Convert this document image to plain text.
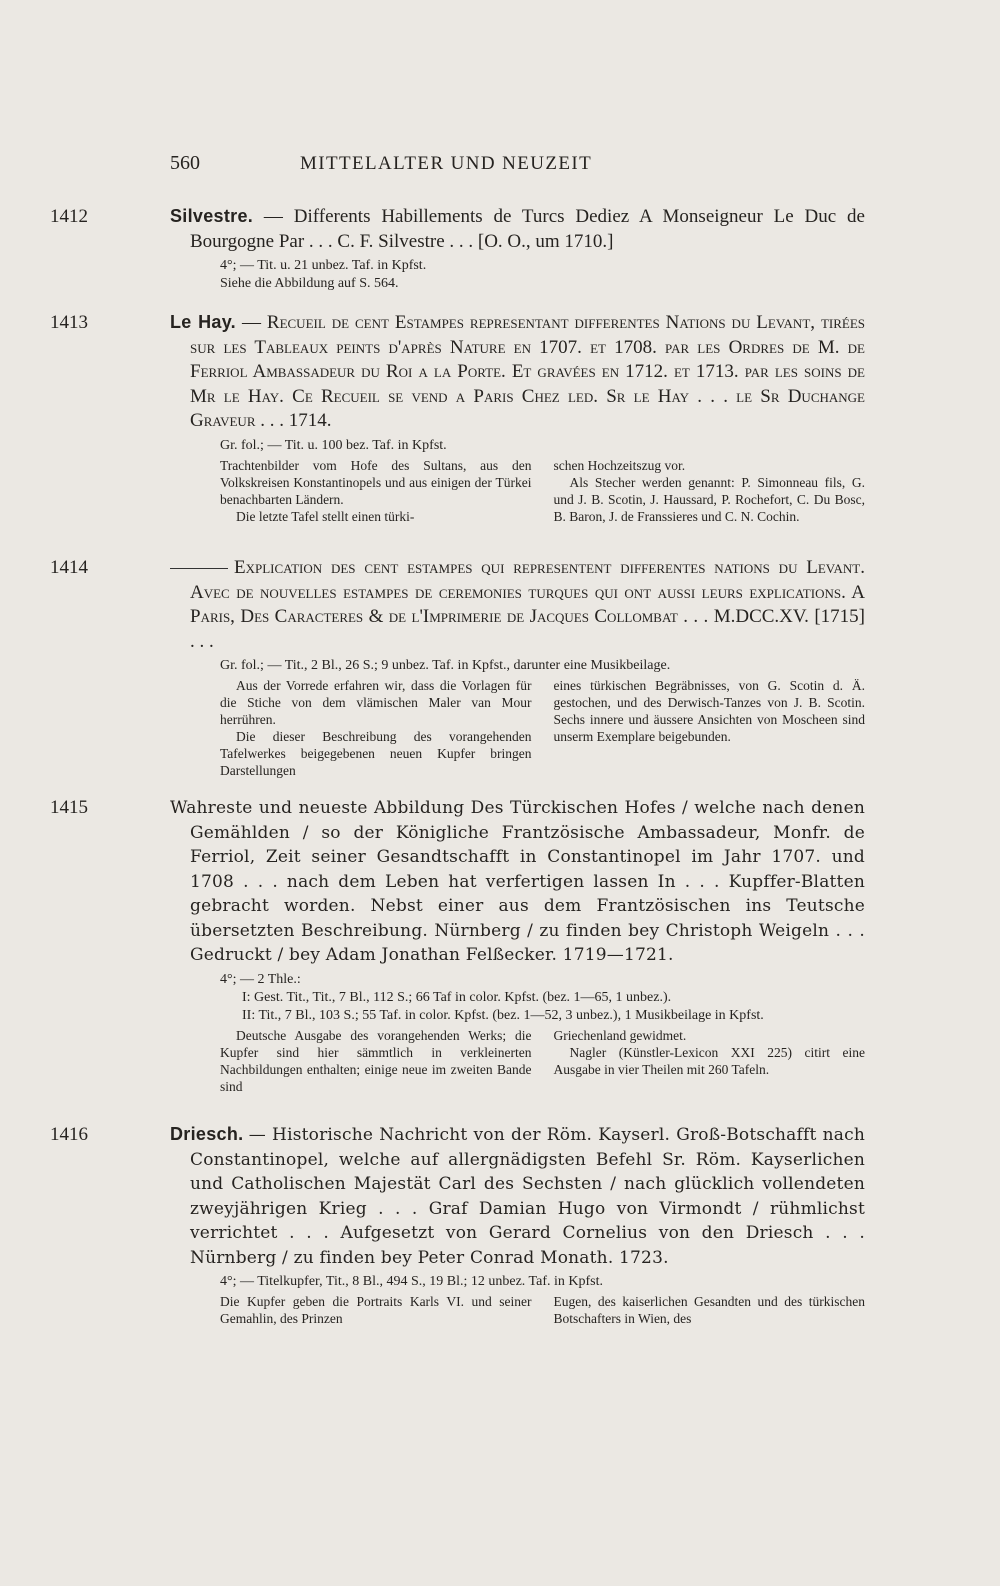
560	MITTELALTER UND NEUZEIT
1412	Silvestre. — Differents Habillements de Turcs Dediez A Monseigneur Le Duc de Bourgogne Par . . . C. F. Silvestre . . . [O. O., um 1710.]
4°; — Tit. u. 21 unbez. Taf. in Kpfst.
Siehe die Abbildung auf S. 564.
1413	Le Hay. — Recueil de cent Estampes representant differentes Nations du Levant, tirées sur les Tableaux peints d'après Nature en 1707. et 1708. par les Ordres de M. de Ferriol Ambassadeur du Roi a la Porte. Et gravées en 1712. et 1713. par les soins de Mr le Hay. Ce Recueil se vend a Paris Chez led. Sr le Hay . . . le Sr Duchange Graveur . . . 1714.
Gr. fol.; — Tit. u. 100 bez. Taf. in Kpfst.

Trachtenbilder vom Hofe des Sultans, aus den Volkskreisen Konstantinopels und aus einigen der Türkei benachbarten Ländern.

Die letzte Tafel stellt einen türki-

schen Hochzeitszug vor.

Als Stecher werden genannt: P. Simonneau fils, G. und J. B. Scotin, J. Haussard, P. Rochefort, C. Du Bosc, B. Baron, J. de Franssieres und C. N. Cochin.

1414	Explication des cent estampes qui representent differentes nations du Levant. Avec de nouvelles estampes de ceremonies turques qui ont aussi leurs explications. A Paris, Des Caracteres & de l'Imprimerie de Jacques Collombat . . . M.DCC.XV. [1715] . . .
Gr. fol.; — Tit., 2 Bl., 26 S.; 9 unbez. Taf. in Kpfst., darunter eine Musikbeilage.

Aus der Vorrede erfahren wir, dass die Vorlagen für die Stiche von dem vlämischen Maler van Mour herrühren.

Die dieser Beschreibung des vorangehenden Tafelwerkes beigegebenen neuen Kupfer bringen Darstellungen

eines türkischen Begräbnisses, von G. Scotin d. Ä. gestochen, und des Derwisch-Tanzes von J. B. Scotin. Sechs innere und äussere Ansichten von Moscheen sind unserm Exemplare beigebunden.

1415	Wahreste und neueste Abbildung Des Türckischen Hofes / welche nach denen Gemählden / so der Königliche Frantzösische Ambassadeur, Monfr. de Ferriol, Zeit seiner Gesandtschafft in Constantinopel im Jahr 1707. und 1708 . . . nach dem Leben hat verfertigen lassen In . . . Kupffer-Blatten gebracht worden. Nebst einer aus dem Frantzösischen ins Teutsche übersetzten Beschreibung. Nürnberg / zu finden bey Christoph Weigeln . . . Gedruckt / bey Adam Jonathan Felßecker. 1719—1721.
4°; — 2 Thle.:
I: Gest. Tit., Tit., 7 Bl., 112 S.; 66 Taf in color. Kpfst. (bez. 1—65, 1 unbez.).
II: Tit., 7 Bl., 103 S.; 55 Taf. in color. Kpfst. (bez. 1—52, 3 unbez.), 1 Musikbeilage in Kpfst.

Deutsche Ausgabe des vorangehenden Werks; die Kupfer sind hier sämmtlich in verkleinerten Nachbildungen enthalten; einige neue im zweiten Bande sind

Griechenland gewidmet.

Nagler (Künstler-Lexicon XXI 225) citirt eine Ausgabe in vier Theilen mit 260 Tafeln.

1416	Driesch. — Historische Nachricht von der Röm. Kayserl. Groß-Botschafft nach Constantinopel, welche auf allergnädigsten Befehl Sr. Röm. Kayserlichen und Catholischen Majestät Carl des Sechsten / nach glücklich vollendeten zweyjährigen Krieg . . . Graf Damian Hugo von Virmondt / rühmlichst verrichtet . . . Aufgesetzt von Gerard Cornelius von den Driesch . . . Nürnberg / zu finden bey Peter Conrad Monath. 1723.
4°; — Titelkupfer, Tit., 8 Bl., 494 S., 19 Bl.; 12 unbez. Taf. in Kpfst.

Die Kupfer geben die Portraits Karls VI. und seiner Gemahlin, des Prinzen

Eugen, des kaiserlichen Gesandten und des türkischen Botschafters in Wien, des
